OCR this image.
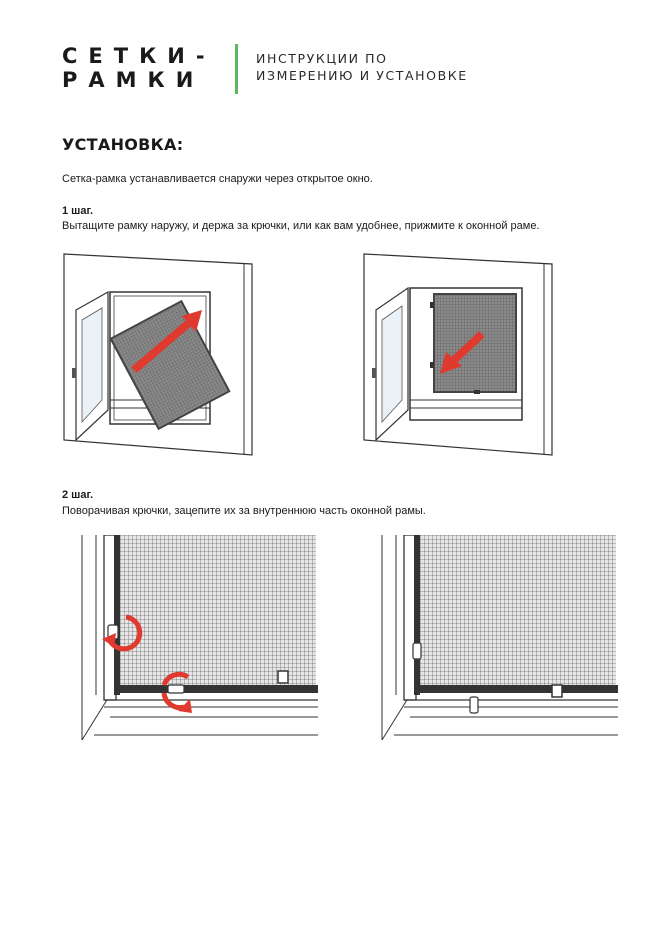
СЕТКИ-
РАМКИ
ИНСТРУКЦИИ ПО
ИЗМЕРЕНИЮ И УСТАНОВКЕ
УСТАНОВКА:
Сетка-рамка устанавливается снаружи через открытое окно.
1 шаг.
Вытащите рамку наружу, и держа за крючки, или как вам удобнее, прижмите к оконной раме.
2 шаг.
Поворачивая крючки, зацепите их за внутреннюю часть оконной рамы.
